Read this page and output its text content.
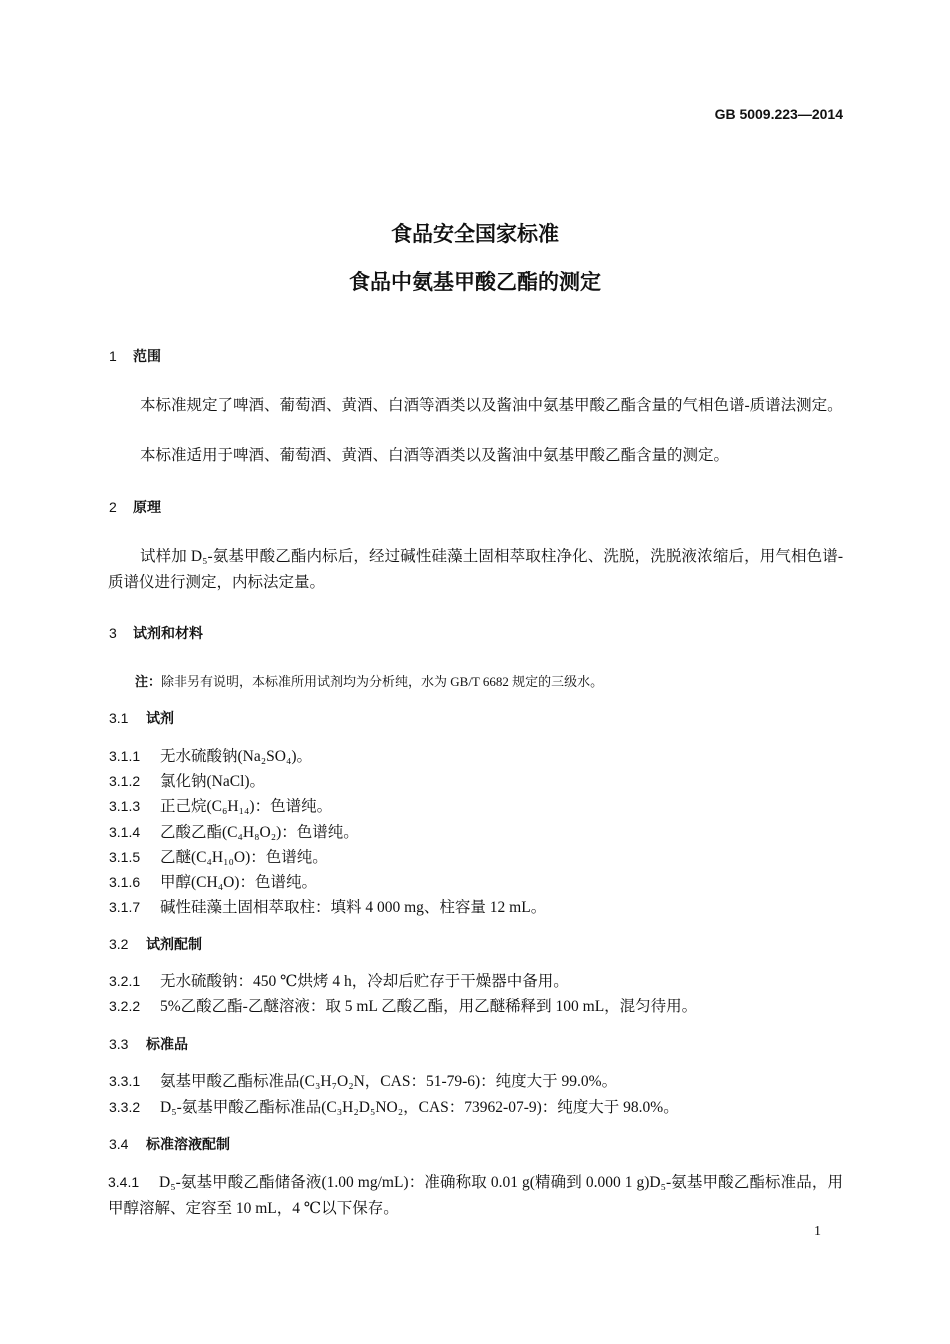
GB 5009.223—2014
食品安全国家标准
食品中氨基甲酸乙酯的测定
1 范围
本标准规定了啤酒、葡萄酒、黄酒、白酒等酒类以及酱油中氨基甲酸乙酯含量的气相色谱-质谱法测定。
本标准适用于啤酒、葡萄酒、黄酒、白酒等酒类以及酱油中氨基甲酸乙酯含量的测定。
2 原理
试样加 D₅-氨基甲酸乙酯内标后，经过碱性硅藻土固相萃取柱净化、洗脱，洗脱液浓缩后，用气相色谱-质谱仪进行测定，内标法定量。
3 试剂和材料
注：除非另有说明，本标准所用试剂均为分析纯，水为 GB/T 6682 规定的三级水。
3.1 试剂
3.1.1 无水硫酸钠(Na₂SO₄)。
3.1.2 氯化钠(NaCl)。
3.1.3 正己烷(C₆H₁₄)：色谱纯。
3.1.4 乙酸乙酯(C₄H₈O₂)：色谱纯。
3.1.5 乙醚(C₄H₁₀O)：色谱纯。
3.1.6 甲醇(CH₄O)：色谱纯。
3.1.7 碱性硅藻土固相萃取柱：填料 4 000 mg、柱容量 12 mL。
3.2 试剂配制
3.2.1 无水硫酸钠：450 ℃烘烤 4 h，冷却后贮存于干燥器中备用。
3.2.2 5%乙酸乙酯-乙醚溶液：取 5 mL 乙酸乙酯，用乙醚稀释到 100 mL，混匀待用。
3.3 标准品
3.3.1 氨基甲酸乙酯标准品(C₃H₇O₂N，CAS：51-79-6)：纯度大于 99.0%。
3.3.2 D₅-氨基甲酸乙酯标准品(C₃H₂D₅NO₂，CAS：73962-07-9)：纯度大于 98.0%。
3.4 标准溶液配制
3.4.1 D₅-氨基甲酸乙酯储备液(1.00 mg/mL)：准确称取 0.01 g(精确到 0.000 1 g)D₅-氨基甲酸乙酯标准品，用甲醇溶解、定容至 10 mL，4 ℃以下保存。
1
